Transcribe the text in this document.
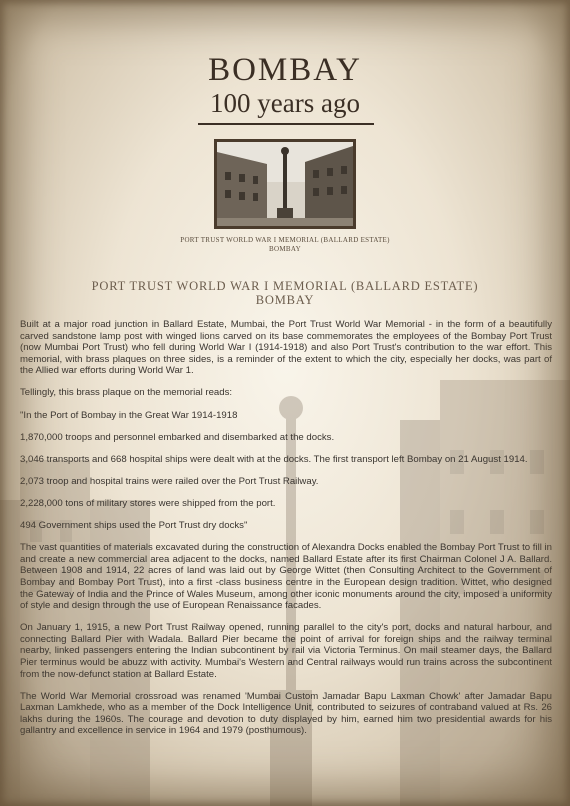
BOMBAY
100 years ago
PORT TRUST WORLD WAR I MEMORIAL (BALLARD ESTATE)
BOMBAY
PORT TRUST WORLD WAR I MEMORIAL (BALLARD ESTATE)
BOMBAY

Built at a major road junction in Ballard Estate, Mumbai, the Port Trust World War Memorial - in the form of a beautifully carved sandstone lamp post with winged lions carved on its base commemorates the employees of the Bombay Port Trust (now Mumbai Port Trust) who fell during World War I (1914-1918) and also Port Trust's contribution to the war effort. This memorial, with brass plaques on three sides, is a reminder of the extent to which the city, especially her docks, was part of the Allied war efforts during World War 1.

Tellingly, this brass plaque on the memorial reads:

"In the Port of Bombay in the Great War 1914-1918

1,870,000 troops and personnel embarked and disembarked at the docks.

3,046 transports and 668 hospital ships were dealt with at the docks. The first transport left Bombay on 21 August 1914.

2,073 troop and hospital trains were railed over the Port Trust Railway.

2,228,000 tons of military stores were shipped from the port.

494 Government ships used the Port Trust dry docks"

The vast quantities of materials excavated during the construction of Alexandra Docks enabled the Bombay Port Trust to fill in and create a new commercial area adjacent to the docks, named Ballard Estate after its first Chairman Colonel J A. Ballard. Between 1908 and 1914, 22 acres of land was laid out by George Wittet (then Consulting Architect to the Government of Bombay and Bombay Port Trust), into a first -class business centre in the European design tradition. Wittet, who designed the Gateway of India and the Prince of Wales Museum, among other iconic monuments around the city, imposed a uniformity of style and design through the use of European Renaissance facades.

On January 1, 1915, a new Port Trust Railway opened, running parallel to the city's port, docks and natural harbour, and connecting Ballard Pier with Wadala. Ballard Pier became the point of arrival for foreign ships and the railway terminal nearby, linked passengers entering the Indian subcontinent by rail via Victoria Terminus. On mail steamer days, the Ballard Pier terminus would be abuzz with activity. Mumbai's Western and Central railways would run trains across the subcontinent from the now-defunct station at Ballard Estate.

The World War Memorial crossroad was renamed 'Mumbai Custom Jamadar Bapu Laxman Chowk' after Jamadar Bapu Laxman Lamkhede, who as a member of the Dock Intelligence Unit, contributed to seizures of contraband valued at Rs. 26 lakhs during the 1960s. The courage and devotion to duty displayed by him, earned him two presidential awards for his gallantry and excellence in service in 1964 and 1979 (posthumous).
